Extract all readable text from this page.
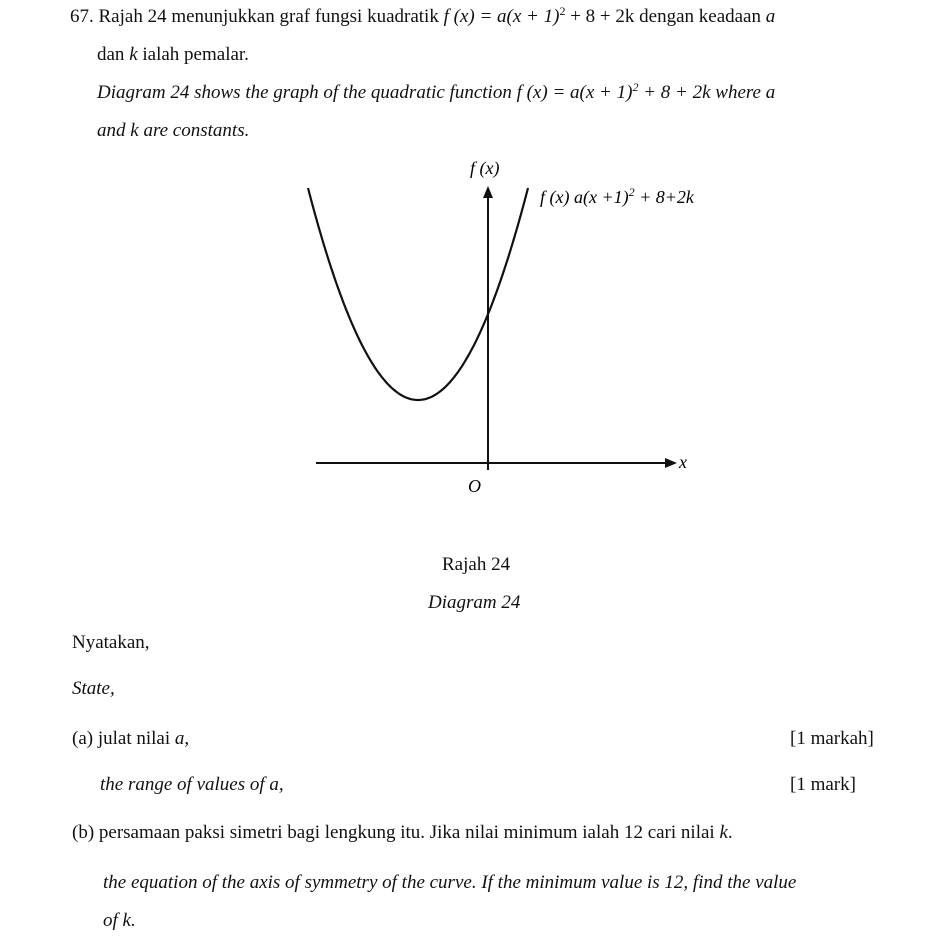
67. Rajah 24 menunjukkan graf fungsi kuadratik f $(x) = a(x + 1)^2 + 8 + 2k$ dengan keadaan a
dan k ialah pemalar.
Diagram 24 shows the graph of the quadratic function f $(x) = a(x + 1)^2 + 8 + 2k$ where a
and k are constants.
f (x)
x
O
f (x) $a(x +1)^2 + 8+2k$
Rajah 24
Diagram 24
Nyatakan,
State,
(a) julat nilai a,	[1 markah]
the range of values of a,	[1 mark]
(b) persamaan paksi simetri bagi lengkung itu. Jika nilai minimum ialah 12 cari nilai k.
the equation of the axis of symmetry of the curve. If the minimum value is 12, find the value
of k.
